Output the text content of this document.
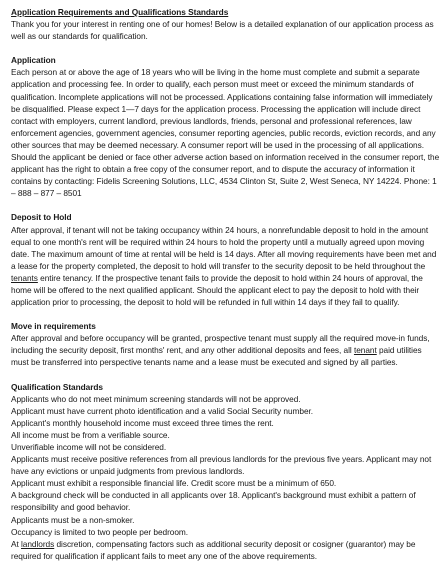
Application Requirements and Qualifications Standards

Thank you for your interest in renting one of our homes! Below is a detailed explanation of our application process as well as our standards for qualification.

Application

Each person at or above the age of 18 years who will be living in the home must complete and submit a separate application and processing fee. In order to qualify, each person must meet or exceed the minimum standards of qualification. Incomplete applications will not be processed. Applications containing false information will immediately be disqualified. Please expect 1—7 days for the application process. Processing the application will include direct contact with employers, current landlord, previous landlords, friends, personal and professional references, law enforcement agencies, government agencies, consumer reporting agencies, public records, eviction records, and any other sources that may be deemed necessary. A consumer report will be used in the processing of all applications. Should the applicant be denied or face other adverse action based on information received in the consumer report, the applicant has the right to obtain a free copy of the consumer report, and to dispute the accuracy of information it contains by contacting: Fidelis Screening Solutions, LLC, 4534 Clinton St, Suite 2, West Seneca, NY 14224. Phone: 1 – 888 – 877 – 8501

Deposit to Hold

After approval, if tenant will not be taking occupancy within 24 hours, a nonrefundable deposit to hold in the amount equal to one month's rent will be required within 24 hours to hold the property until a mutually agreed upon moving date. The maximum amount of time at rental will be held is 14 days. After all moving requirements have been met and a lease for the property completed, the deposit to hold will transfer to the security deposit to be held throughout the tenants entire tenancy. If the prospective tenant fails to provide the deposit to hold within 24 hours of approval, the home will be offered to the next qualified applicant. Should the applicant elect to pay the deposit to hold with their application prior to processing, the deposit to hold will be refunded in full within 14 days if they fail to qualify.

Move in requirements

After approval and before occupancy will be granted, prospective tenant must supply all the required move-in funds, including the security deposit, first months' rent, and any other additional deposits and fees, all tenant paid utilities must be transferred into perspective tenants name and a lease must be executed and signed by all parties.

Qualification Standards

Applicants who do not meet minimum screening standards will not be approved.

Applicant must have current photo identification and a valid Social Security number.

Applicant's monthly household income must exceed three times the rent.

All income must be from a verifiable source.

Unverifiable income will not be considered.

Applicants must receive positive references from all previous landlords for the previous five years. Applicant may not have any evictions or unpaid judgments from previous landlords.

Applicant must exhibit a responsible financial life. Credit score must be a minimum of 650.

A background check will be conducted in all applicants over 18. Applicant's background must exhibit a pattern of responsibility and good behavior.

Applicants must be a non-smoker.

Occupancy is limited to two people per bedroom.

At landlords discretion, compensating factors such as additional security deposit or cosigner (guarantor) may be required for qualification if applicant fails to meet any one of the above requirements.
